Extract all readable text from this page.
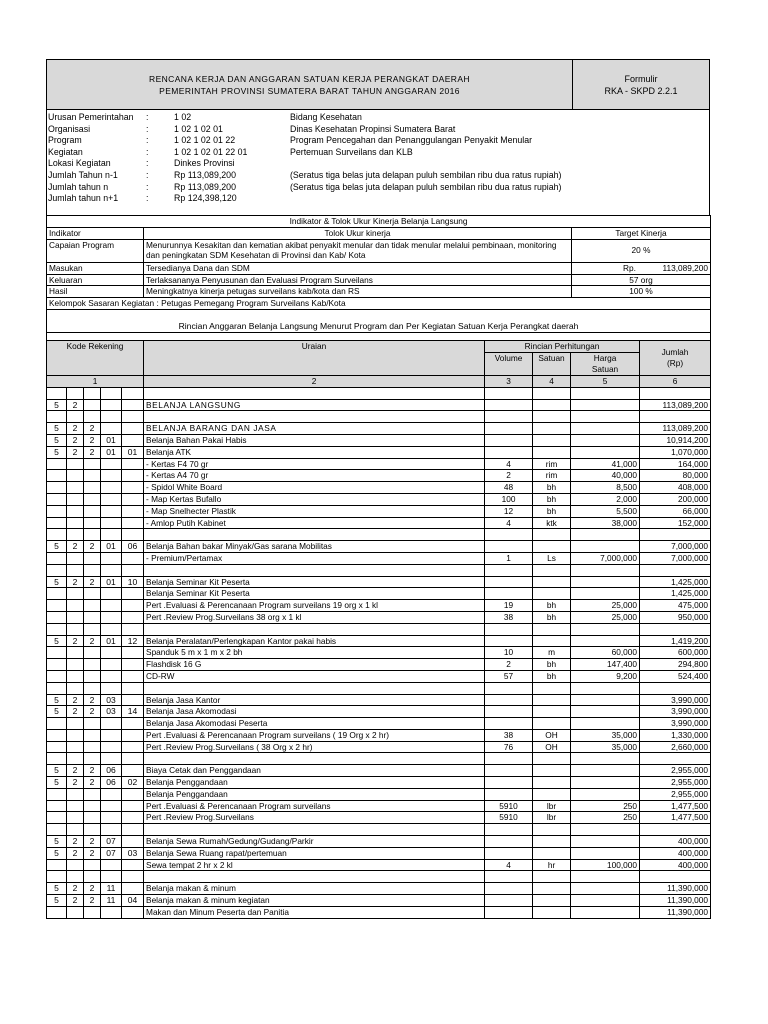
RENCANA KERJA DAN ANGGARAN SATUAN KERJA PERANGKAT DAERAH
PEMERINTAH PROVINSI SUMATERA BARAT TAHUN ANGGARAN 2016
Formulir
RKA - SKPD 2.2.1
Urusan Pemerintahan	:	1 02	Bidang Kesehatan
Organisasi	:	1 02 1 02 01	Dinas Kesehatan Propinsi Sumatera Barat
Program	:	1 02 1 02 01 22	Program Pencegahan dan Penanggulangan Penyakit Menular
Kegiatan	:	1 02 1 02 01 22 01	Pertemuan Surveilans dan KLB
Lokasi Kegiatan	:	Dinkes Provinsi
Jumlah Tahun n-1	:	Rp 113,089,200	(Seratus tiga belas juta delapan puluh sembilan ribu dua ratus rupiah)
Jumlah tahun n	:	Rp 113,089,200	(Seratus tiga belas juta delapan puluh sembilan ribu dua ratus rupiah)
Jumlah tahun n+1	:	Rp 124,398,120
Indikator & Tolok Ukur Kinerja Belanja Langsung		
Indikator	Tolok Ukur kinerja	Target Kinerja
Capaian Program	Menurunnya Kesakitan dan kematian akibat penyakit menular dan tidak menular melalui pembinaan, monitoring dan peningkatan SDM Kesehatan di Provinsi dan Kab/ Kota	20 %
Masukan	Tersedianya Dana dan SDM	Rp. 113,089,200
Keluaran	Terlaksananya Penyusunan dan Evaluasi Program Surveilans	57 org
Hasil	Meningkatnya kinerja petugas surveilans kab/kota dan RS	100 %
Kelompok Sasaran Kegiatan : Petugas Pemegang Program Surveilans Kab/Kota		

Rincian Anggaran Belanja Langsung Menurut Program dan Per Kegiatan Satuan Kerja Perangkat daerah		

Kode Rekening					Uraian	Rincian Perhitungan			Jumlah
(Rp)

						Volume	Satuan	Harga
Satuan	

1					2	3	4	5	6

5	2				BELANJA LANGSUNG				113,089,200

5	2	2			BELANJA BARANG DAN JASA				113,089,200
5	2	2	01		Belanja Bahan Pakai Habis				10,914,200
5	2	2	01	01	Belanja ATK				1,070,000
					- Kertas F4 70 gr	4	rim	41,000	164,000
					- Kertas A4 70 gr	2	rim	40,000	80,000
					- Spidol White Board	48	bh	8,500	408,000
					- Map Kertas Bufallo	100	bh	2,000	200,000
					- Map Snelhecter Plastik	12	bh	5,500	66,000
					- Amlop Putih Kabinet	4	ktk	38,000	152,000

5	2	2	01	06	Belanja Bahan bakar Minyak/Gas sarana Mobilitas				7,000,000
					- Premium/Pertamax	1	Ls	7,000,000	7,000,000

5	2	2	01	10	Belanja Seminar Kit Peserta				1,425,000
					Belanja Seminar Kit Peserta				1,425,000
					Pert .Evaluasi & Perencanaan Program surveilans 19 org x 1 kl	19	bh	25,000	475,000
					Pert .Review Prog.Surveilans 38 org x 1 kl	38	bh	25,000	950,000

5	2	2	01	12	Belanja Peralatan/Perlengkapan Kantor pakai habis				1,419,200
					Spanduk 5 m x 1 m x 2 bh	10	m	60,000	600,000
					Flashdisk 16 G	2	bh	147,400	294,800
					CD-RW	57	bh	9,200	524,400

5	2	2	03		Belanja Jasa Kantor				3,990,000
5	2	2	03	14	Belanja Jasa Akomodasi				3,990,000
					Belanja Jasa Akomodasi Peserta				3,990,000
					Pert .Evaluasi & Perencanaan Program surveilans ( 19 Org x 2 hr)	38	OH	35,000	1,330,000
					Pert .Review Prog.Surveilans ( 38 Org x 2 hr)	76	OH	35,000	2,660,000

5	2	2	06		Biaya Cetak dan Penggandaan				2,955,000
5	2	2	06	02	Belanja Penggandaan				2,955,000
					Belanja Penggandaan				2,955,000
					Pert .Evaluasi & Perencanaan Program surveilans	5910	lbr	250	1,477,500
					Pert .Review Prog.Surveilans	5910	lbr	250	1,477,500

5	2	2	07		Belanja Sewa Rumah/Gedung/Gudang/Parkir				400,000
5	2	2	07	03	Belanja Sewa Ruang rapat/pertemuan				400,000
					Sewa tempat 2 hr x 2 kl	4	hr	100,000	400,000

5	2	2	11		Belanja makan & minum				11,390,000
5	2	2	11	04	Belanja makan & minum kegiatan				11,390,000
					Makan dan Minum Peserta dan Panitia				11,390,000
